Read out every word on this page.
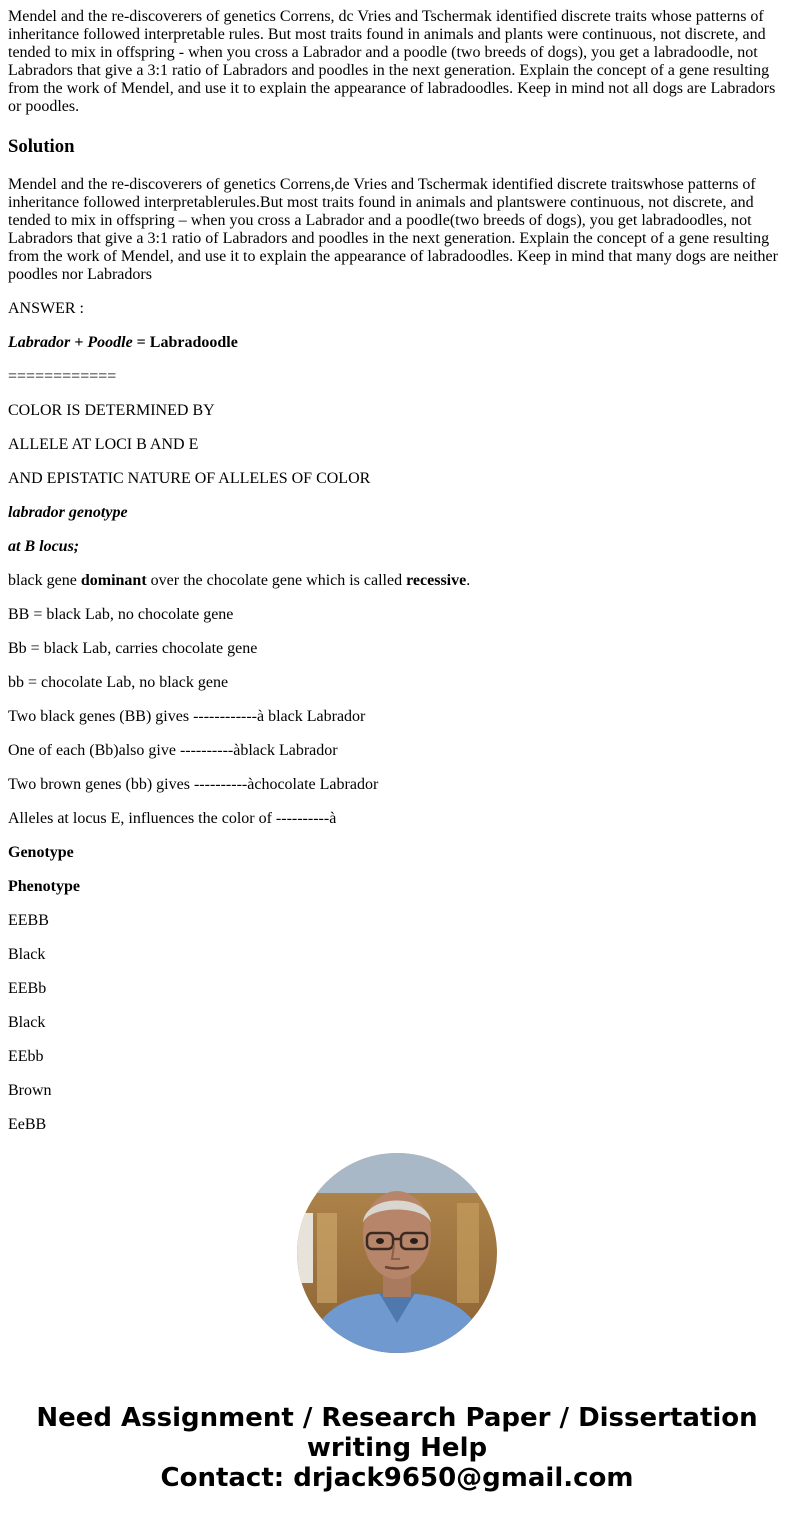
Mendel and the re-discoverers of genetics Correns, dc Vries and Tschermak identified discrete traits whose patterns of inheritance followed interpretable rules. But most traits found in animals and plants were continuous, not discrete, and tended to mix in offspring - when you cross a Labrador and a poodle (two breeds of dogs), you get a labradoodle, not Labradors that give a 3:1 ratio of Labradors and poodles in the next generation. Explain the concept of a gene resulting from the work of Mendel, and use it to explain the appearance of labradoodles. Keep in mind not all dogs are Labradors or poodles.

Solution

Mendel and the re-discoverers of genetics Correns,de Vries and Tschermak identified discrete traitswhose patterns of inheritance followed interpretablerules.But most traits found in animals and plantswere continuous, not discrete, and tended to mix in offspring – when you cross a Labrador and a poodle(two breeds of dogs), you get labradoodles, not Labradors that give a 3:1 ratio of Labradors and poodles in the next generation. Explain the concept of a gene resulting from the work of Mendel, and use it to explain the appearance of labradoodles. Keep in mind that many dogs are neither poodles nor Labradors

ANSWER :

Labrador + Poodle = Labradoodle

============

COLOR IS DETERMINED BY

ALLELE AT LOCI B AND E

AND EPISTATIC NATURE OF ALLELES OF COLOR

labrador genotype

at B locus;

black gene dominant over the chocolate gene which is called recessive.

BB = black Lab, no chocolate gene

Bb = black Lab, carries chocolate gene

bb = chocolate Lab, no black gene

Two black genes (BB) gives ------------à black Labrador

One of each (Bb)also give ----------àblack Labrador

Two brown genes (bb) gives ----------àchocolate Labrador

Alleles at locus E, influences the color of ----------à

Genotype

Phenotype

EEBB

Black

EEBb

Black

EEbb

Brown

EeBB

Need Assignment / Research Paper / Dissertation
writing Help
Contact: drjack9650@gmail.com
